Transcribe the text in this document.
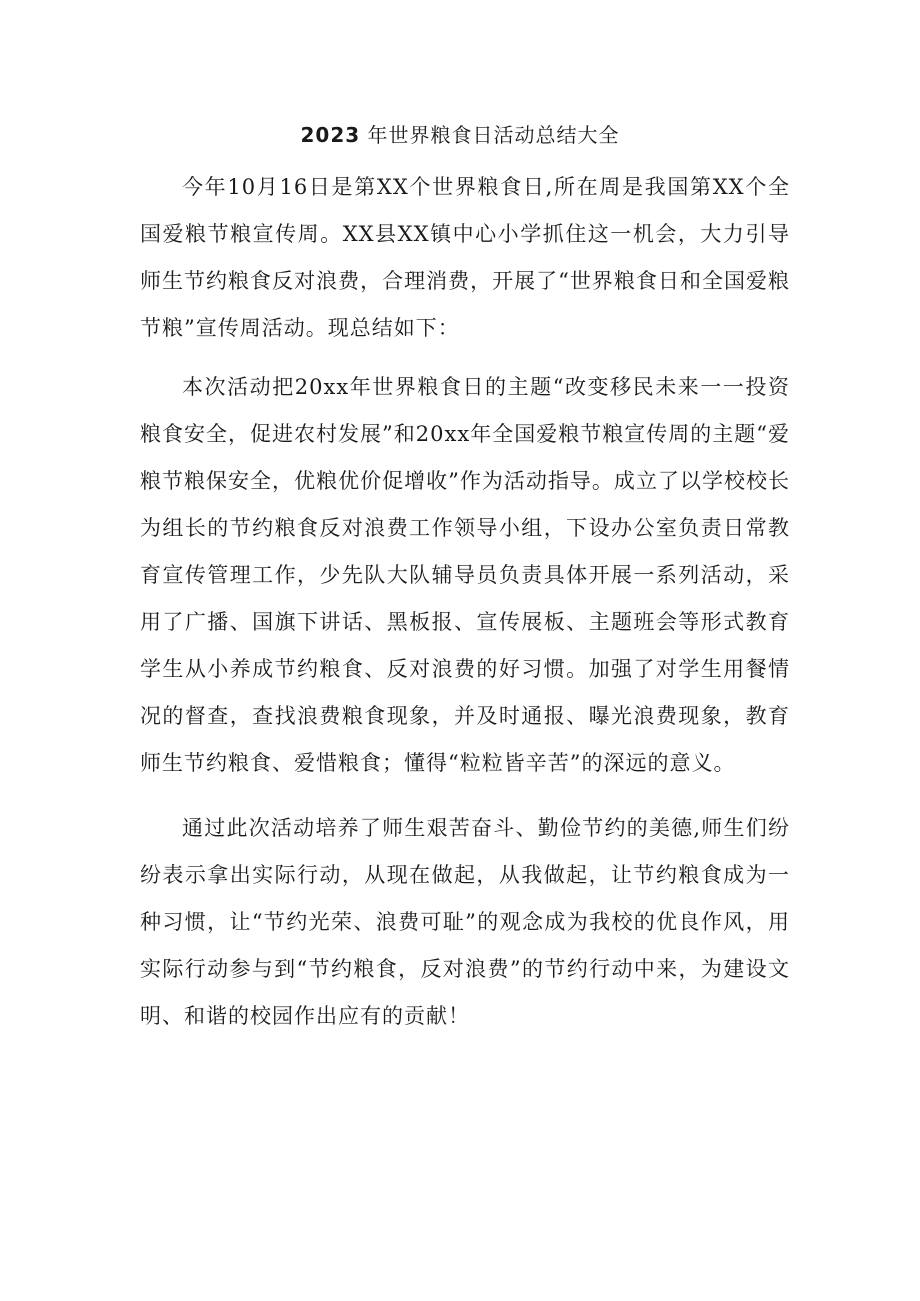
2023 年世界粮食日活动总结大全

今年10月16日是第XX个世界粮食日,所在周是我国第XX个全国爱粮节粮宣传周。XX县XX镇中心小学抓住这一机会，大力引导师生节约粮食反对浪费，合理消费，开展了“世界粮食日和全国爱粮节粮”宣传周活动。现总结如下：

本次活动把20xx年世界粮食日的主题“改变移民未来一一投资粮食安全，促进农村发展”和20xx年全国爱粮节粮宣传周的主题“爱粮节粮保安全，优粮优价促增收”作为活动指导。成立了以学校校长为组长的节约粮食反对浪费工作领导小组，下设办公室负责日常教育宣传管理工作，少先队大队辅导员负责具体开展一系列活动，采用了广播、国旗下讲话、黑板报、宣传展板、主题班会等形式教育学生从小养成节约粮食、反对浪费的好习惯。加强了对学生用餐情况的督查，查找浪费粮食现象，并及时通报、曝光浪费现象，教育师生节约粮食、爱惜粮食；懂得“粒粒皆辛苦”的深远的意义。

通过此次活动培养了师生艰苦奋斗、勤俭节约的美德,师生们纷纷表示拿出实际行动，从现在做起，从我做起，让节约粮食成为一种习惯，让“节约光荣、浪费可耻”的观念成为我校的优良作风，用实际行动参与到“节约粮食，反对浪费”的节约行动中来，为建设文明、和谐的校园作出应有的贡献！
